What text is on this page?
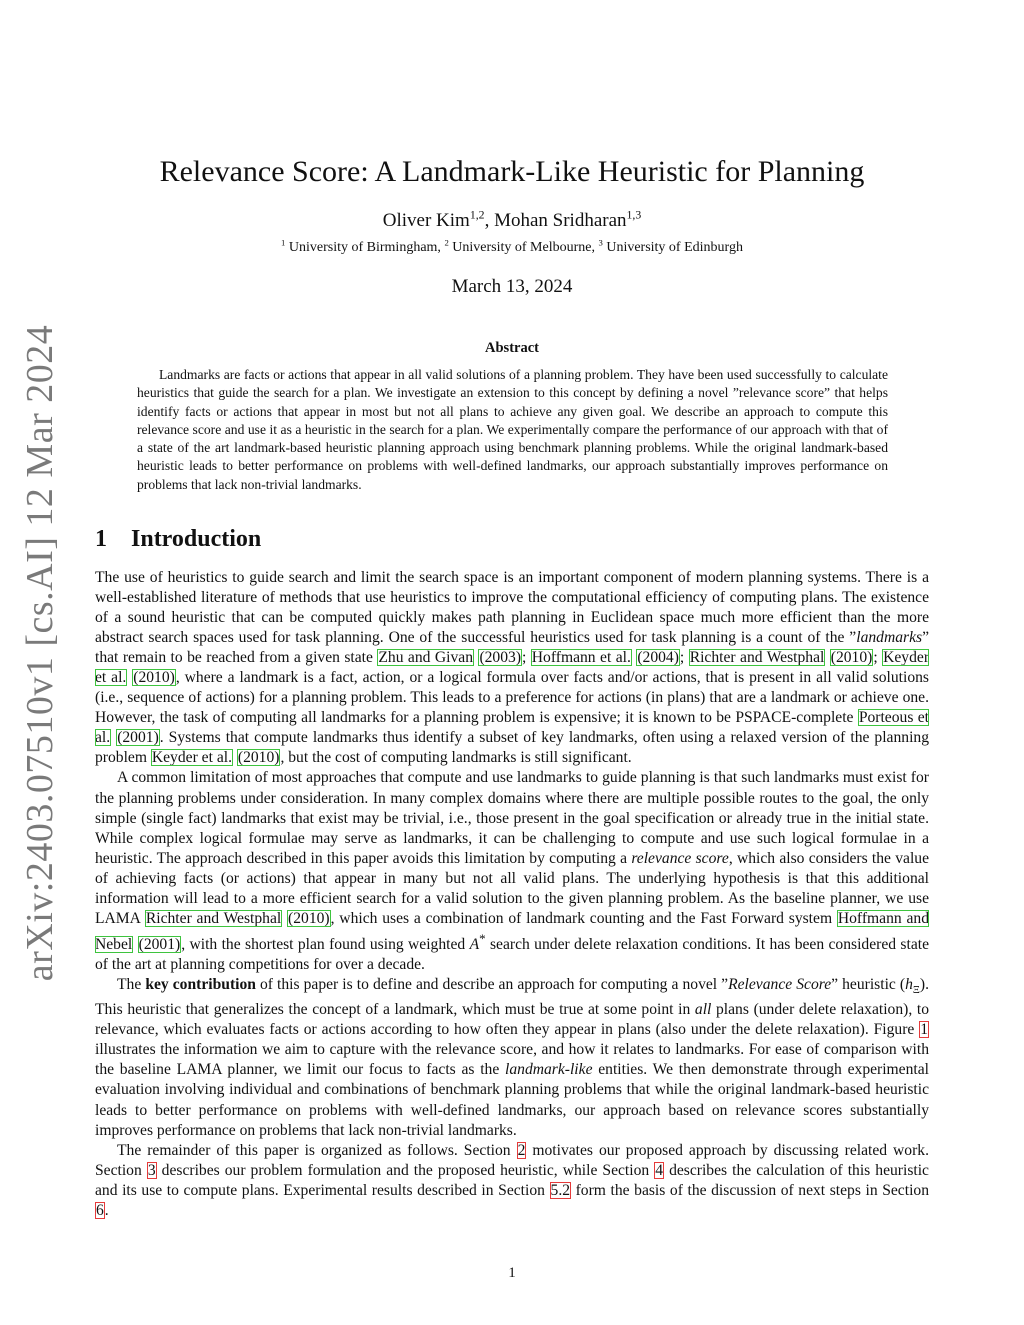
arXiv:2403.07510v1 [cs.AI] 12 Mar 2024
Relevance Score: A Landmark-Like Heuristic for Planning
Oliver Kim$^{1,2}$, Mohan Sridharan$^{1,3}$
$^1$ University of Birmingham, $^2$ University of Melbourne, $^3$ University of Edinburgh
March 13, 2024
Abstract

Landmarks are facts or actions that appear in all valid solutions of a planning problem. They have been used successfully to calculate heuristics that guide the search for a plan. We investigate an extension to this concept by defining a novel ”relevance score” that helps identify facts or actions that appear in most but not all plans to achieve any given goal. We describe an approach to compute this relevance score and use it as a heuristic in the search for a plan. We experimentally compare the performance of our approach with that of a state of the art landmark-based heuristic planning approach using benchmark planning problems. While the original landmark-based heuristic leads to better performance on problems with well-defined landmarks, our approach substantially improves performance on problems that lack non-trivial landmarks.

1 Introduction

The use of heuristics to guide search and limit the search space is an important component of modern planning systems. There is a well-established literature of methods that use heuristics to improve the computational efficiency of computing plans. The existence of a sound heuristic that can be computed quickly makes path planning in Euclidean space much more efficient than the more abstract search spaces used for task planning. One of the successful heuristics used for task planning is a count of the ”landmarks” that remain to be reached from a given state Zhu and Givan (2003); Hoffmann et al. (2004); Richter and Westphal (2010); Keyder et al. (2010), where a landmark is a fact, action, or a logical formula over facts and/or actions, that is present in all valid solutions (i.e., sequence of actions) for a planning problem. This leads to a preference for actions (in plans) that are a landmark or achieve one. However, the task of computing all landmarks for a planning problem is expensive; it is known to be PSPACE-complete Porteous et al. (2001). Systems that compute landmarks thus identify a subset of key landmarks, often using a relaxed version of the planning problem Keyder et al. (2010), but the cost of computing landmarks is still significant.

A common limitation of most approaches that compute and use landmarks to guide planning is that such landmarks must exist for the planning problems under consideration. In many complex domains where there are multiple possible routes to the goal, the only simple (single fact) landmarks that exist may be trivial, i.e., those present in the goal specification or already true in the initial state. While complex logical formulae may serve as landmarks, it can be challenging to compute and use such logical formulae in a heuristic. The approach described in this paper avoids this limitation by computing a relevance score, which also considers the value of achieving facts (or actions) that appear in many but not all valid plans. The underlying hypothesis is that this additional information will lead to a more efficient search for a valid solution to the given planning problem. As the baseline planner, we use LAMA Richter and Westphal (2010), which uses a combination of landmark counting and the Fast Forward system Hoffmann and Nebel (2001), with the shortest plan found using weighted A* search under delete relaxation conditions. It has been considered state of the art at planning competitions for over a decade.

The key contribution of this paper is to define and describe an approach for computing a novel ”Relevance Score” heuristic $(h_\Xi)$. This heuristic that generalizes the concept of a landmark, which must be true at some point in all plans (under delete relaxation), to relevance, which evaluates facts or actions according to how often they appear in plans (also under the delete relaxation). Figure 1 illustrates the information we aim to capture with the relevance score, and how it relates to landmarks. For ease of comparison with the baseline LAMA planner, we limit our focus to facts as the landmark-like entities. We then demonstrate through experimental evaluation involving individual and combinations of benchmark planning problems that while the original landmark-based heuristic leads to better performance on problems with well-defined landmarks, our approach based on relevance scores substantially improves performance on problems that lack non-trivial landmarks.

The remainder of this paper is organized as follows. Section 2 motivates our proposed approach by discussing related work. Section 3 describes our problem formulation and the proposed heuristic, while Section 4 describes the calculation of this heuristic and its use to compute plans. Experimental results described in Section 5.2 form the basis of the discussion of next steps in Section 6.

1
